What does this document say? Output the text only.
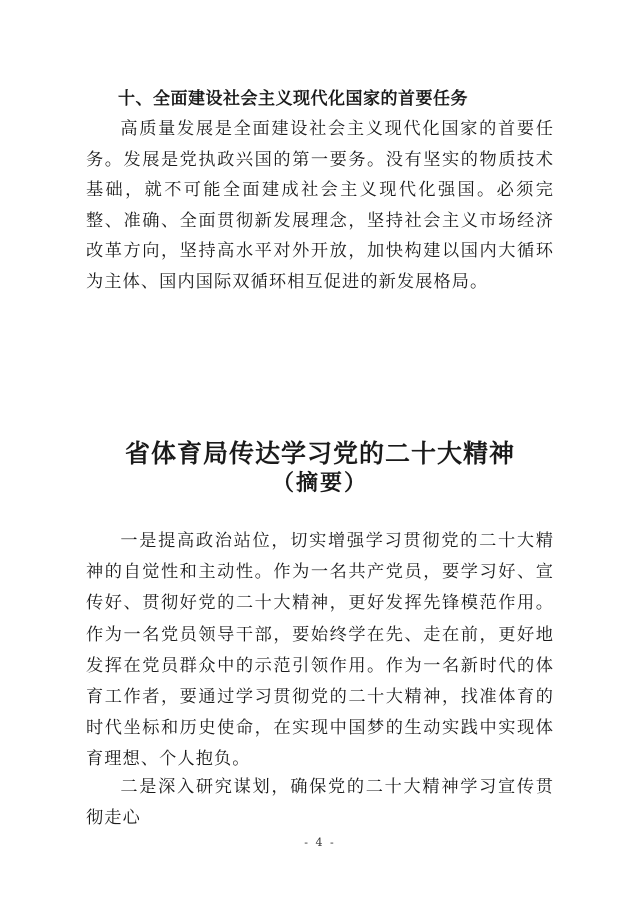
十、全面建设社会主义现代化国家的首要任务

高质量发展是全面建设社会主义现代化国家的首要任务。发展是党执政兴国的第一要务。没有坚实的物质技术基础，就不可能全面建成社会主义现代化强国。必须完整、准确、全面贯彻新发展理念，坚持社会主义市场经济改革方向，坚持高水平对外开放，加快构建以国内大循环为主体、国内国际双循环相互促进的新发展格局。

省体育局传达学习党的二十大精神
（摘要）

一是提高政治站位，切实增强学习贯彻党的二十大精神的自觉性和主动性。作为一名共产党员，要学习好、宣传好、贯彻好党的二十大精神，更好发挥先锋模范作用。作为一名党员领导干部，要始终学在先、走在前，更好地发挥在党员群众中的示范引领作用。作为一名新时代的体育工作者，要通过学习贯彻党的二十大精神，找准体育的时代坐标和历史使命，在实现中国梦的生动实践中实现体育理想、个人抱负。

二是深入研究谋划，确保党的二十大精神学习宣传贯彻走心

- 4 -
